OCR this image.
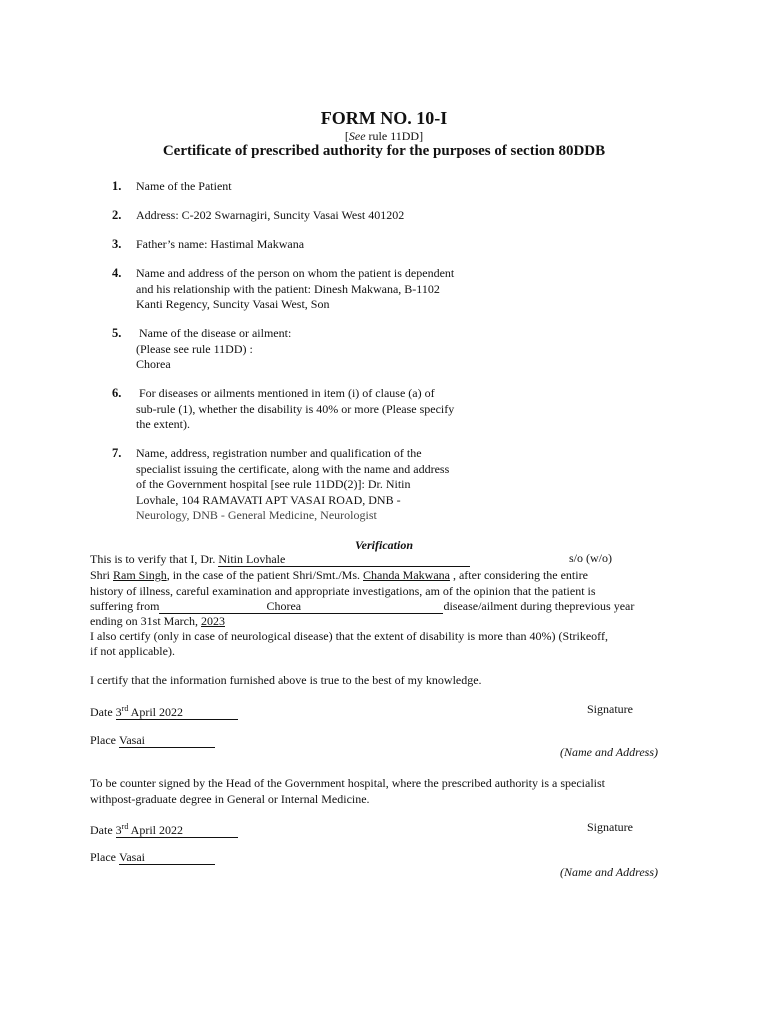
FORM NO. 10-I
[See rule 11DD]
Certificate of prescribed authority for the purposes of section 80DDB
1. Name of the Patient
2. Address: C-202 Swarnagiri, Suncity Vasai West 401202
3. Father’s name: Hastimal Makwana
4. Name and address of the person on whom the patient is dependent
and his relationship with the patient: Dinesh Makwana, B-1102
Kanti Regency, Suncity Vasai West, Son
5. Name of the disease or ailment:
(Please see rule 11DD) :
Chorea
6. For diseases or ailments mentioned in item (i) of clause (a) of
sub-rule (1), whether the disability is 40% or more (Please specify
the extent).
7. Name, address, registration number and qualification of the
specialist issuing the certificate, along with the name and address
of the Government hospital [see rule 11DD(2)]: Dr. Nitin
Lovhale, 104 RAMAVATI APT VASAI ROAD, DNB -
Neurology, DNB - General Medicine, Neurologist
Verification
This is to verify that I, Dr. Nitin Lovhale	s/o (w/o)
Shri Ram Singh, in the case of the patient Shri/Smt./Ms. Chanda Makwana , after considering the entire
history of illness, careful examination and appropriate investigations, am of the opinion that the patient is
suffering from	Chorea	disease/ailment during theprevious year
ending on 31st March, 2023
I also certify (only in case of neurological disease) that the extent of disability is more than 40%) (Strikeoff,
if not applicable).
I certify that the information furnished above is true to the best of my knowledge.
Date 3rd April 2022	Signature
Place Vasai
(Name and Address)
To be counter signed by the Head of the Government hospital, where the prescribed authority is a specialist
withpost-graduate degree in General or Internal Medicine.
Date 3rd April 2022	Signature
Place Vasai
(Name and Address)
